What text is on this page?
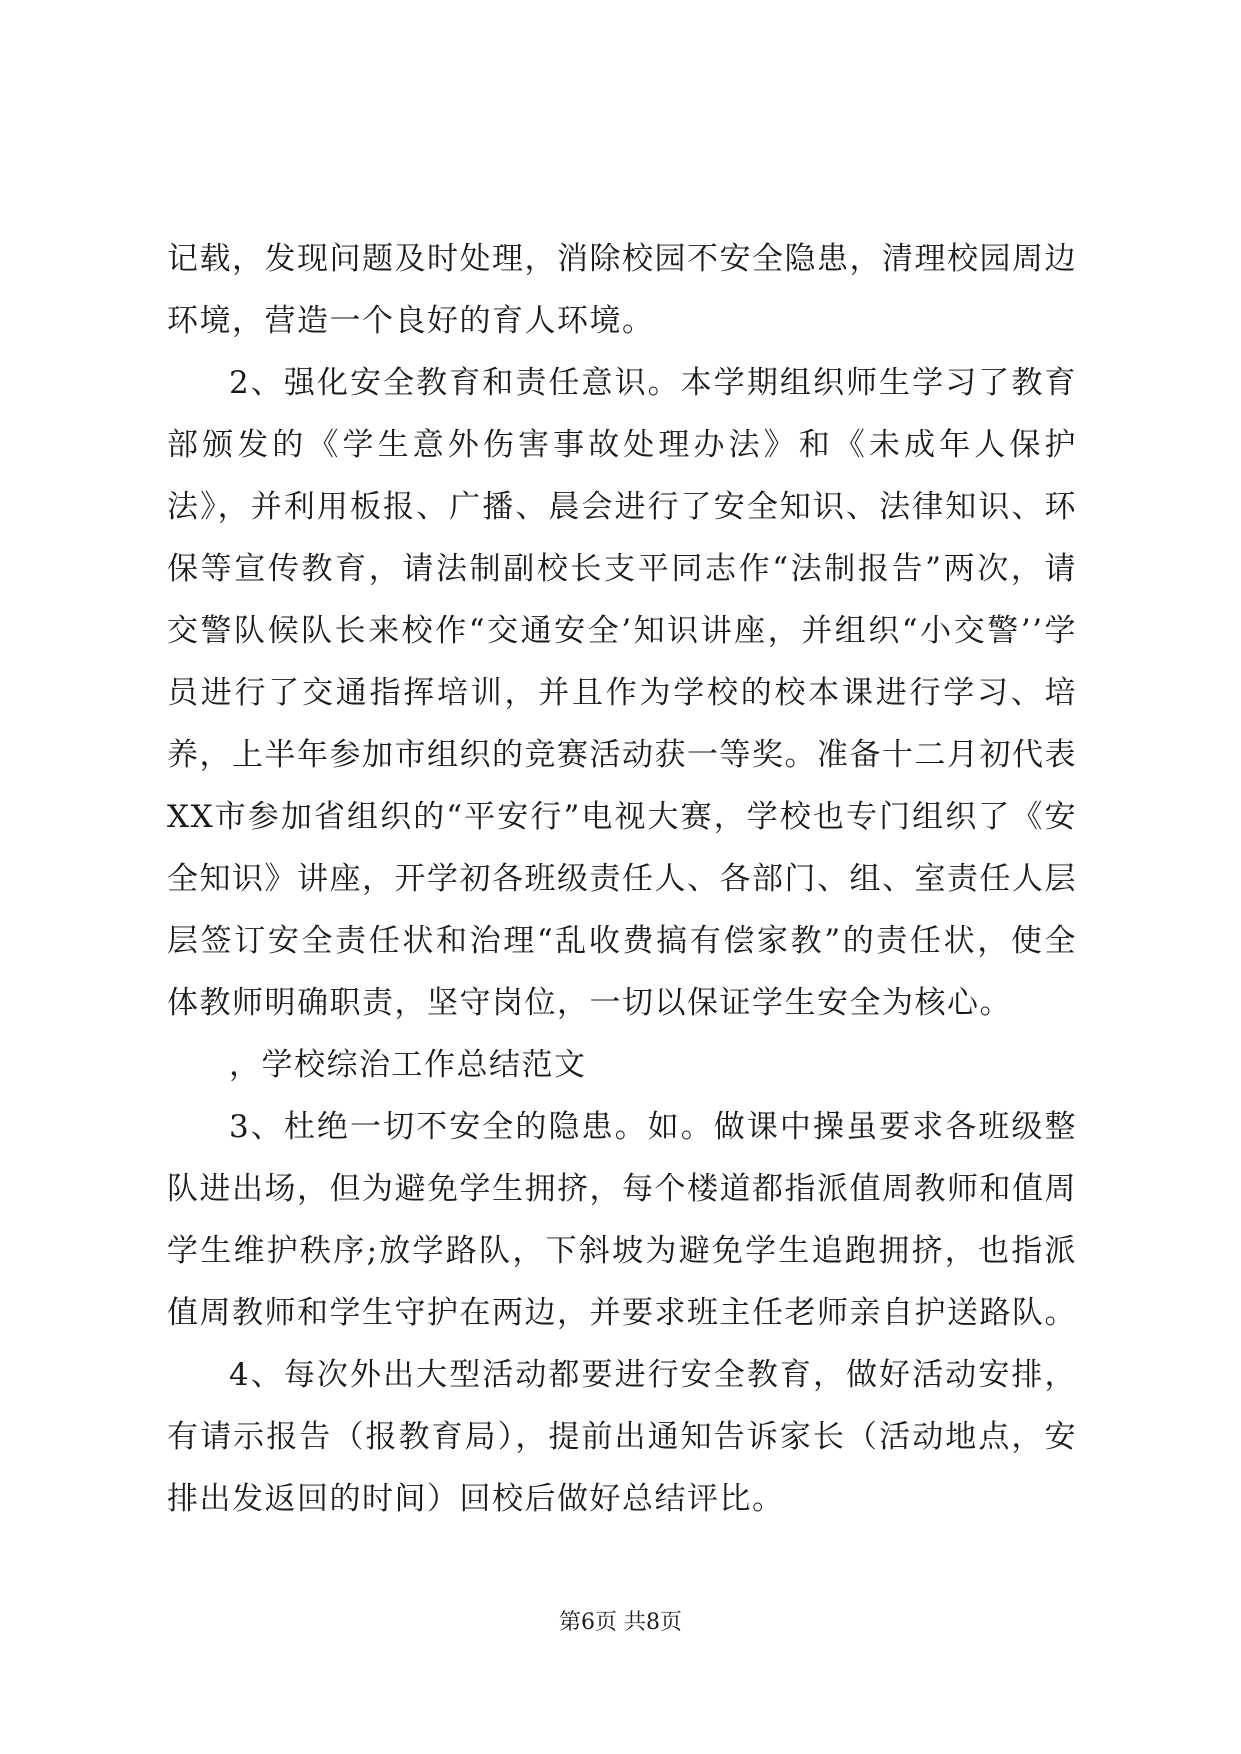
记载，发现问题及时处理，消除校园不安全隐患，清理校园周边环境，营造一个良好的育人环境。

2、强化安全教育和责任意识。本学期组织师生学习了教育部颁发的《学生意外伤害事故处理办法》和《未成年人保护法》，并利用板报、广播、晨会进行了安全知识、法律知识、环保等宣传教育，请法制副校长支平同志作“法制报告”两次，请交警队候队长来校作“交通安全’知识讲座，并组织“小交警’’学员进行了交通指挥培训，并且作为学校的校本课进行学习、培养，上半年参加市组织的竞赛活动获一等奖。准备十二月初代表XX市参加省组织的“平安行”电视大赛，学校也专门组织了《安全知识》讲座，开学初各班级责任人、各部门、组、室责任人层层签订安全责任状和治理“乱收费搞有偿家教”的责任状，使全体教师明确职责，坚守岗位，一切以保证学生安全为核心。

，学校综治工作总结范文

3、杜绝一切不安全的隐患。如。做课中操虽要求各班级整队进出场，但为避免学生拥挤，每个楼道都指派值周教师和值周学生维护秩序;放学路队，下斜坡为避免学生追跑拥挤，也指派值周教师和学生守护在两边，并要求班主任老师亲自护送路队。

4、每次外出大型活动都要进行安全教育，做好活动安排，有请示报告（报教育局），提前出通知告诉家长（活动地点，安排出发返回的时间）回校后做好总结评比。

第6页 共8页
